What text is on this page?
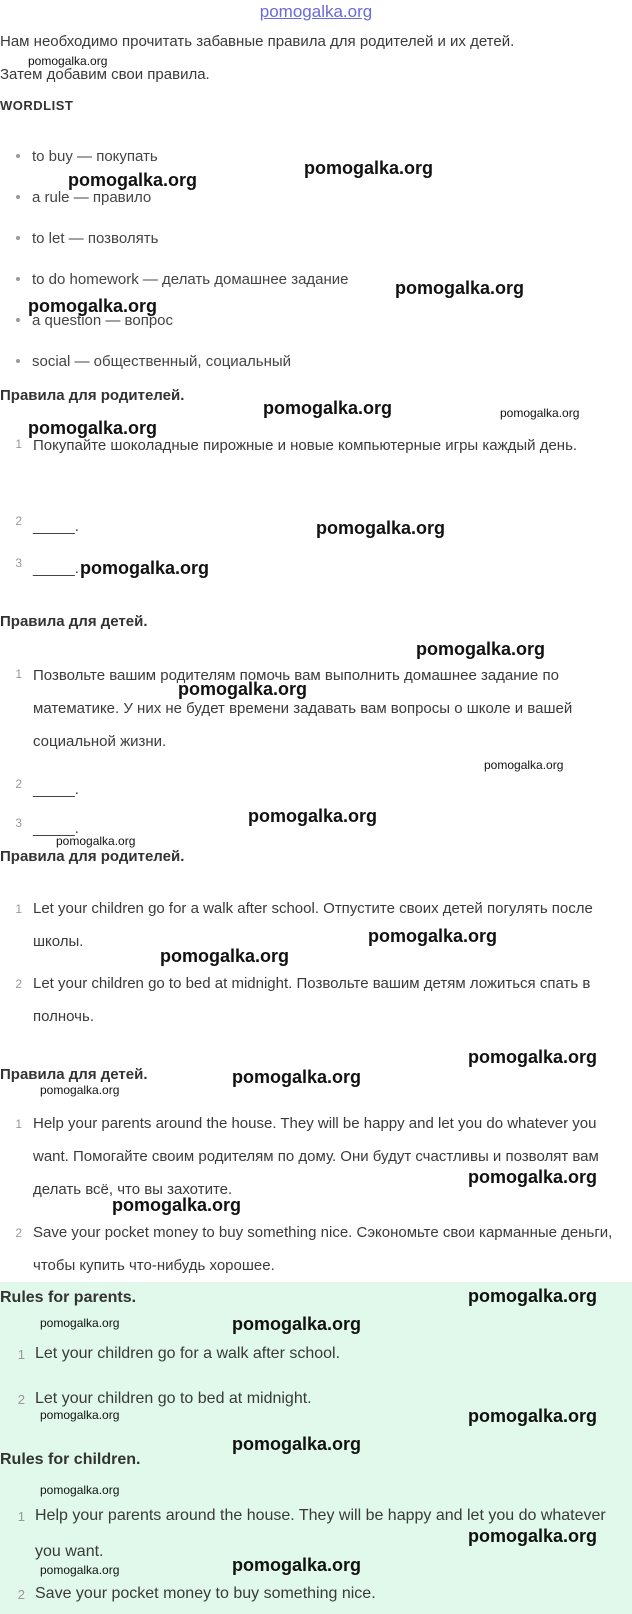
pomogalka.org
Нам необходимо прочитать забавные правила для родителей и их детей.
Затем добавим свои правила.
WORDLIST
to buy — покупать
a rule — правило
to let — позволять
to do homework — делать домашнее задание
a question — вопрос
social — общественный, социальный
Правила для родителей.
1 Покупайте шоколадные пирожные и новые компьютерные игры каждый день.
2 _____.
3 _____.
Правила для детей.
1 Позвольте вашим родителям помочь вам выполнить домашнее задание по математике. У них не будет времени задавать вам вопросы о школе и вашей социальной жизни.
2 _____.
3 _____.
Правила для родителей.
1 Let your children go for a walk after school. Отпустите своих детей погулять после школы.
2 Let your children go to bed at midnight. Позвольте вашим детям ложиться спать в полночь.
Правила для детей.
1 Help your parents around the house. They will be happy and let you do whatever you want. Помогайте своим родителям по дому. Они будут счастливы и позволят вам делать всё, что вы захотите.
2 Save your pocket money to buy something nice. Сэкономьте свои карманные деньги, чтобы купить что-нибудь хорошее.
Rules for parents.
1 Let your children go for a walk after school.
2 Let your children go to bed at midnight.
Rules for children.
1 Help your parents around the house. They will be happy and let you do whatever you want.
2 Save your pocket money to buy something nice.
pomogalka.org
pomogalka.org
pomogalka.org
pomogalka.org
pomogalka.org
pomogalka.org	pomogalka.org
pomogalka.org
pomogalka.org
pomogalka.org
pomogalka.org
pomogalka.org
pomogalka.org
pomogalka.org
pomogalka.org
pomogalka.org
pomogalka.org
pomogalka.org
pomogalka.org
pomogalka.org
pomogalka.org
pomogalka.org
pomogalka.org
pomogalka.org	pomogalka.org
pomogalka.org	pomogalka.org
pomogalka.org
pomogalka.org
pomogalka.org
pomogalka.org	pomogalka.org
